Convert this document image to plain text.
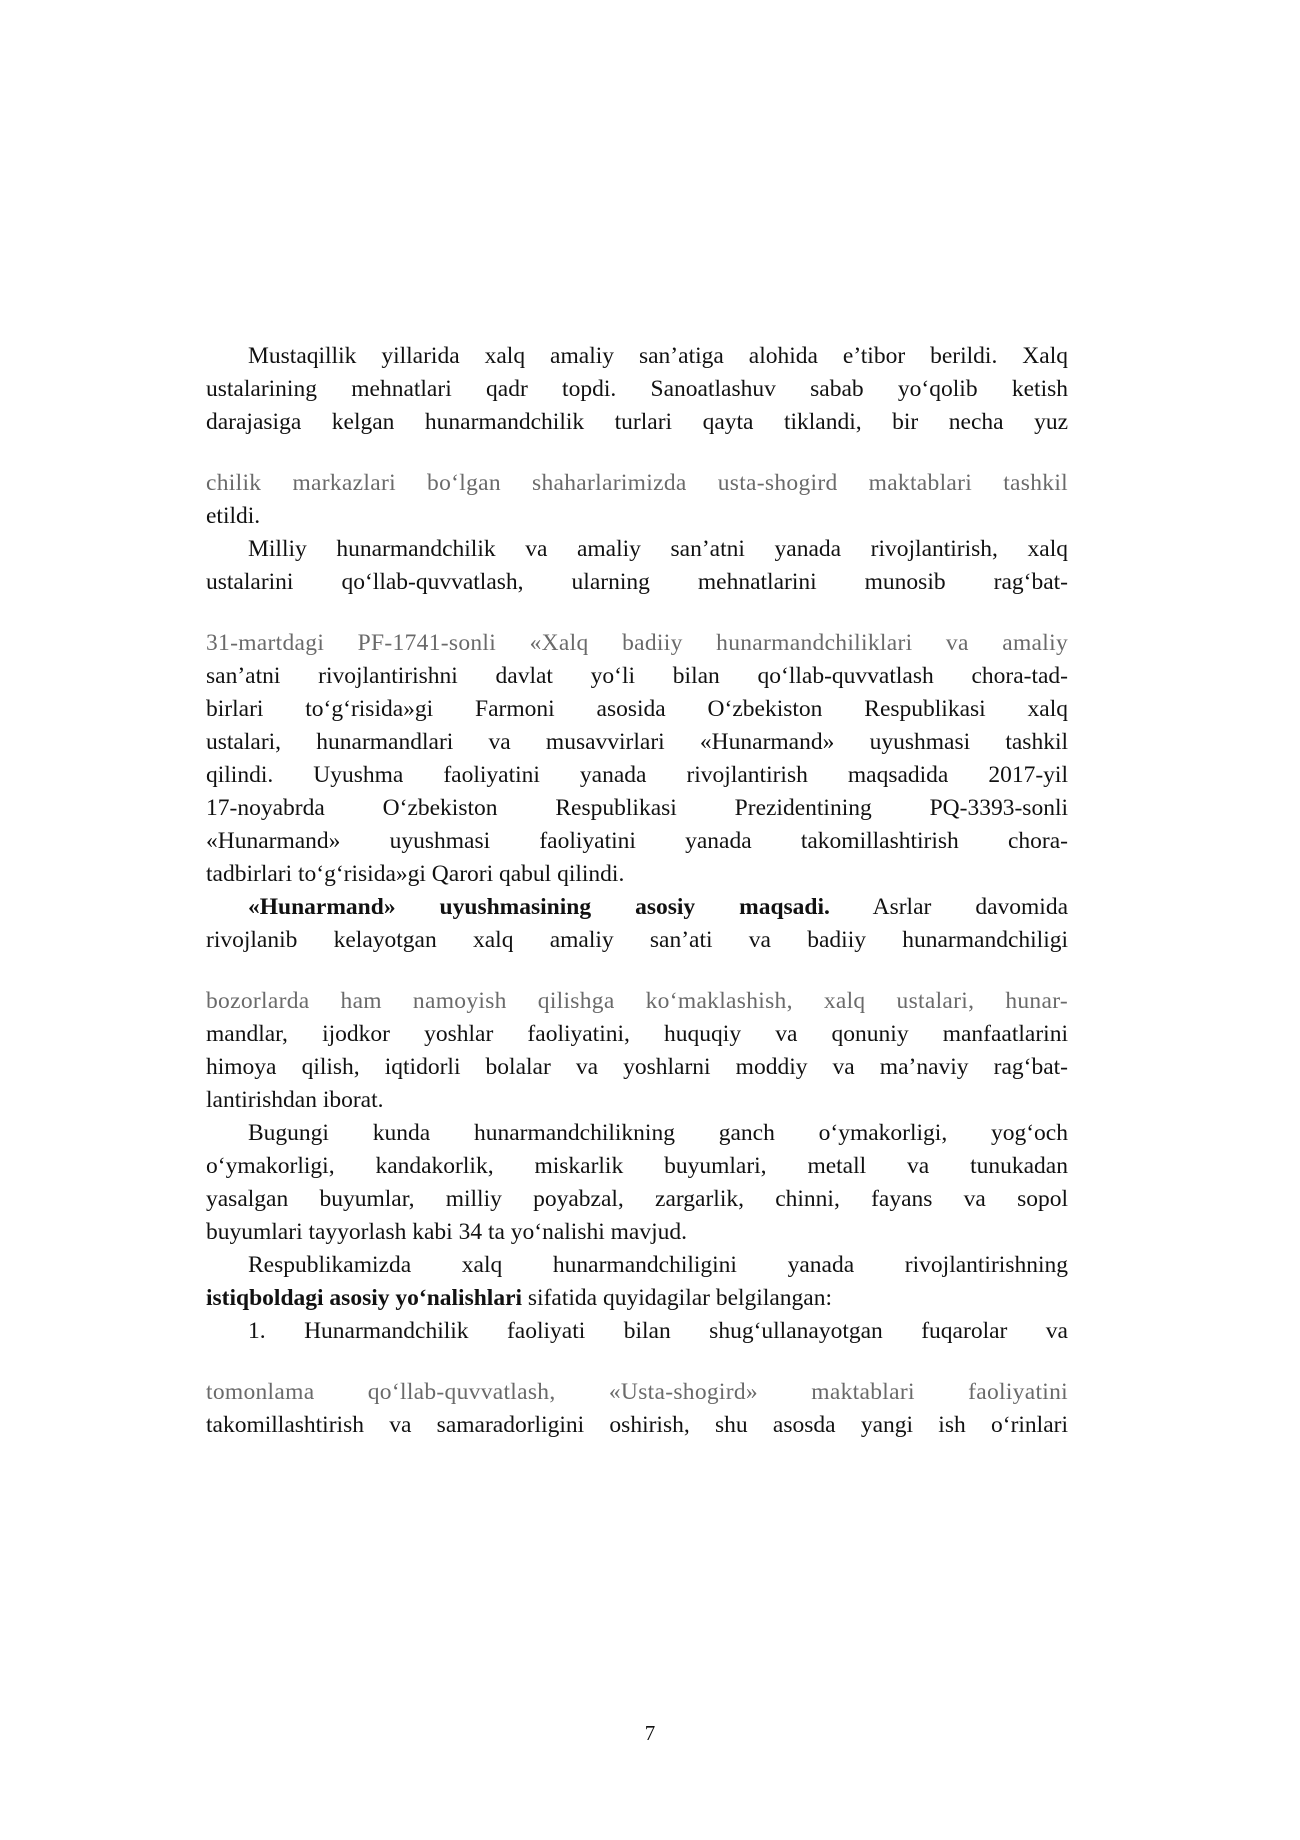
Mustaqillik yillarida xalq amaliy san’atiga alohida e’tibor berildi. Xalq
ustalarining mehnatlari qadr topdi. Sanoatlashuv sabab yo‘qolib ketish
darajasiga kelgan hunarmandchilik turlari qayta tiklandi, bir necha yuz
chilik markazlari bo‘lgan shaharlarimizda usta-shogird maktablari tashkil
etildi.
Milliy hunarmandchilik va amaliy san’atni yanada rivojlantirish, xalq
ustalarini qo‘llab-quvvatlash, ularning mehnatlarini munosib rag‘bat-
31-martdagi PF-1741-sonli «Xalq badiiy hunarmandchiliklari va amaliy
san’atni rivojlantirishni davlat yo‘li bilan qo‘llab-quvvatlash chora-tad-
birlari to‘g‘risida»gi Farmoni asosida O‘zbekiston Respublikasi xalq
ustalari, hunarmandlari va musavvirlari «Hunarmand» uyushmasi tashkil
qilindi. Uyushma faoliyatini yanada rivojlantirish maqsadida 2017-yil
17-noyabrda O‘zbekiston Respublikasi Prezidentining PQ-3393-sonli
«Hunarmand» uyushmasi faoliyatini yanada takomillashtirish chora-
tadbirlari to‘g‘risida»gi Qarori qabul qilindi.
«Hunarmand» uyushmasining asosiy maqsadi. Asrlar davomida
rivojlanib kelayotgan xalq amaliy san’ati va badiiy hunarmandchiligi
bozorlarda ham namoyish qilishga ko‘maklashish, xalq ustalari, hunar-
mandlar, ijodkor yoshlar faoliyatini, huquqiy va qonuniy manfaatlarini
himoya qilish, iqtidorli bolalar va yoshlarni moddiy va ma’naviy rag‘bat-
lantirishdan iborat.
Bugungi kunda hunarmandchilikning ganch o‘ymakorligi, yog‘och
o‘ymakorligi, kandakorlik, miskarlik buyumlari, metall va tunukadan
yasalgan buyumlar, milliy poyabzal, zargarlik, chinni, fayans va sopol
buyumlari tayyorlash kabi 34 ta yo‘nalishi mavjud.
Respublikamizda xalq hunarmandchiligini yanada rivojlantirishning
istiqboldagi asosiy yo‘nalishlari sifatida quyidagilar belgilangan:
1. Hunarmandchilik faoliyati bilan shug‘ullanayotgan fuqarolar va
tomonlama qo‘llab-quvvatlash, «Usta-shogird» maktablari faoliyatini
takomillashtirish va samaradorligini oshirish, shu asosda yangi ish o‘rinlari
7
